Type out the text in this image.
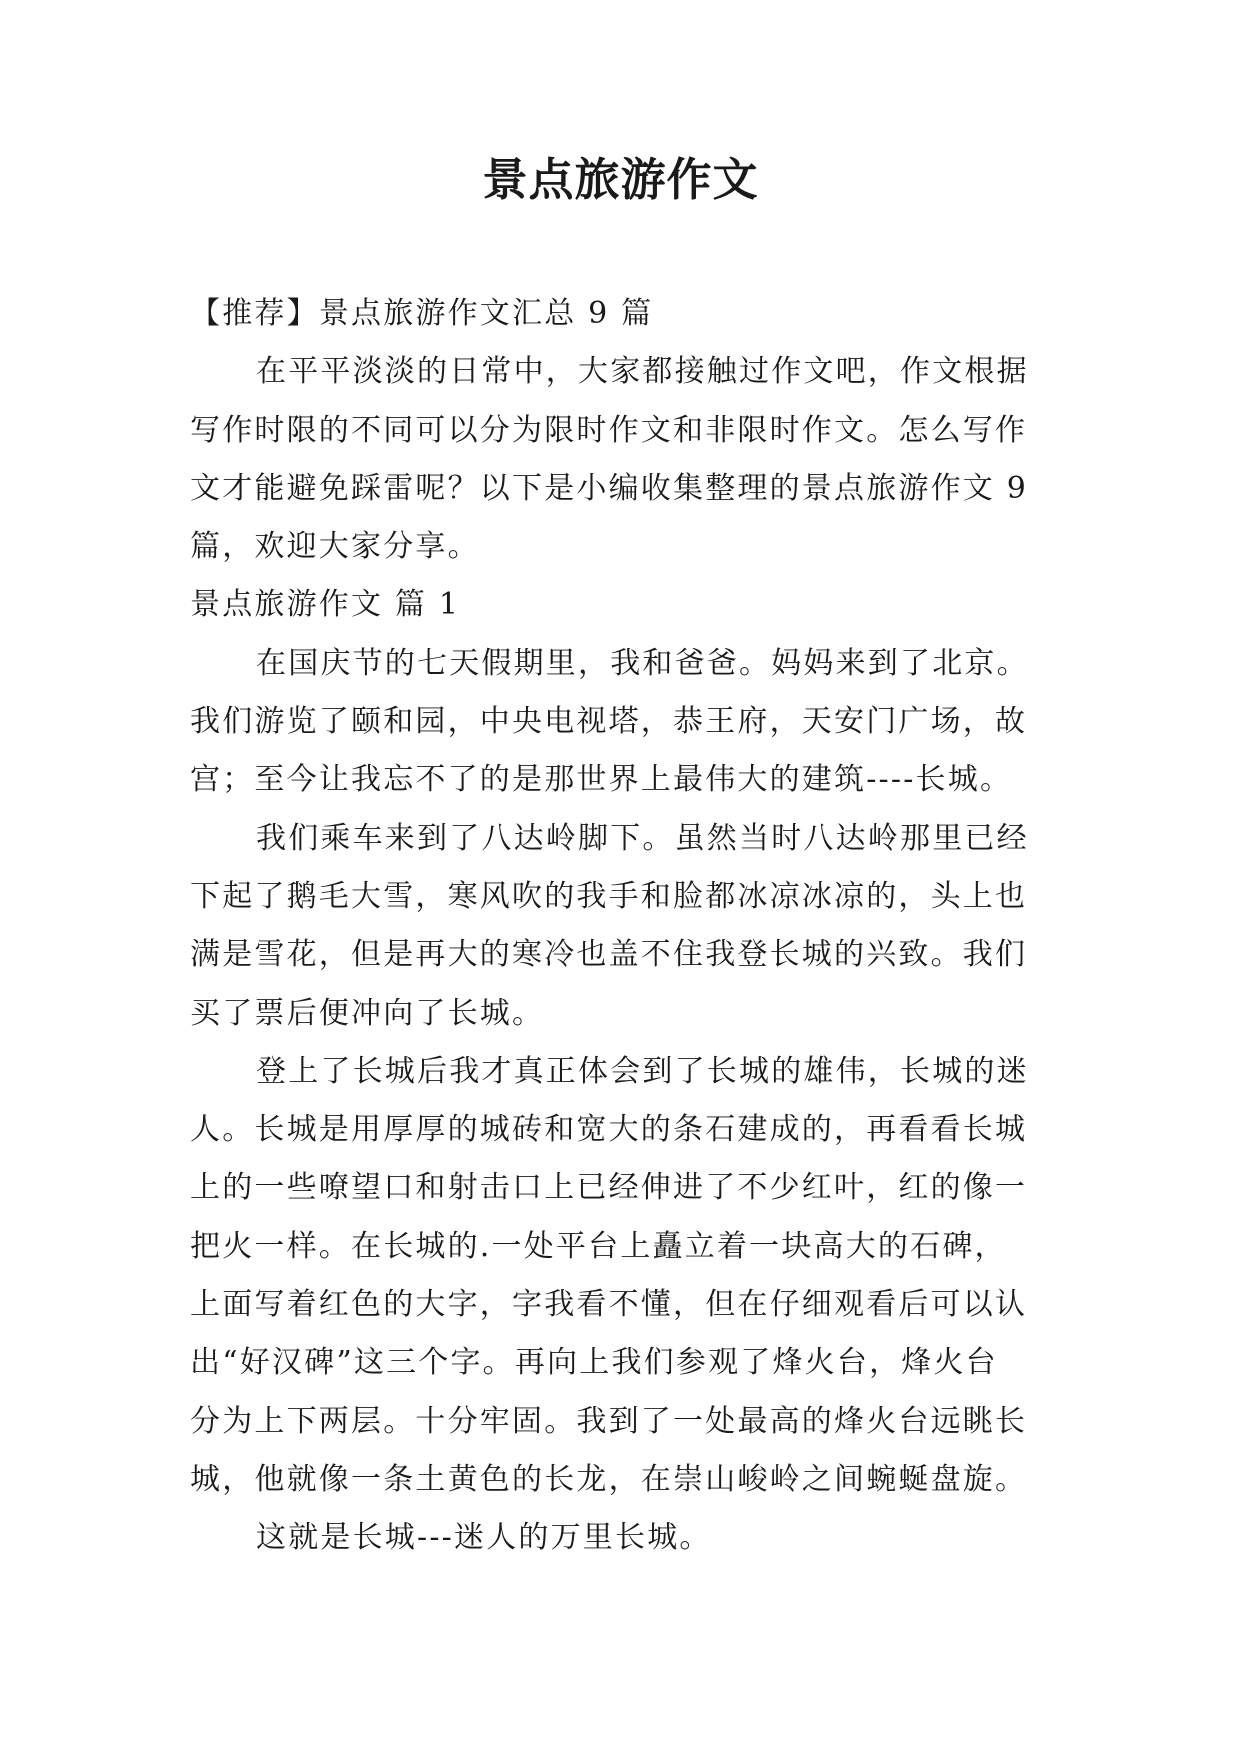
景点旅游作文

【推荐】景点旅游作文汇总 9 篇

在平平淡淡的日常中，大家都接触过作文吧，作文根据

写作时限的不同可以分为限时作文和非限时作文。怎么写作

文才能避免踩雷呢？以下是小编收集整理的景点旅游作文 9

篇，欢迎大家分享。

景点旅游作文 篇 1

在国庆节的七天假期里，我和爸爸。妈妈来到了北京。

我们游览了颐和园，中央电视塔，恭王府，天安门广场，故

宫；至今让我忘不了的是那世界上最伟大的建筑----长城。

我们乘车来到了八达岭脚下。虽然当时八达岭那里已经

下起了鹅毛大雪，寒风吹的我手和脸都冰凉冰凉的，头上也

满是雪花，但是再大的寒冷也盖不住我登长城的兴致。我们

买了票后便冲向了长城。

登上了长城后我才真正体会到了长城的雄伟，长城的迷

人。长城是用厚厚的城砖和宽大的条石建成的，再看看长城

上的一些嘹望口和射击口上已经伸进了不少红叶，红的像一

把火一样。在长城的.一处平台上矗立着一块高大的石碑，

上面写着红色的大字，字我看不懂，但在仔细观看后可以认

出“好汉碑”这三个字。再向上我们参观了烽火台，烽火台

分为上下两层。十分牢固。我到了一处最高的烽火台远眺长

城，他就像一条土黄色的长龙，在崇山峻岭之间蜿蜒盘旋。

这就是长城---迷人的万里长城。
